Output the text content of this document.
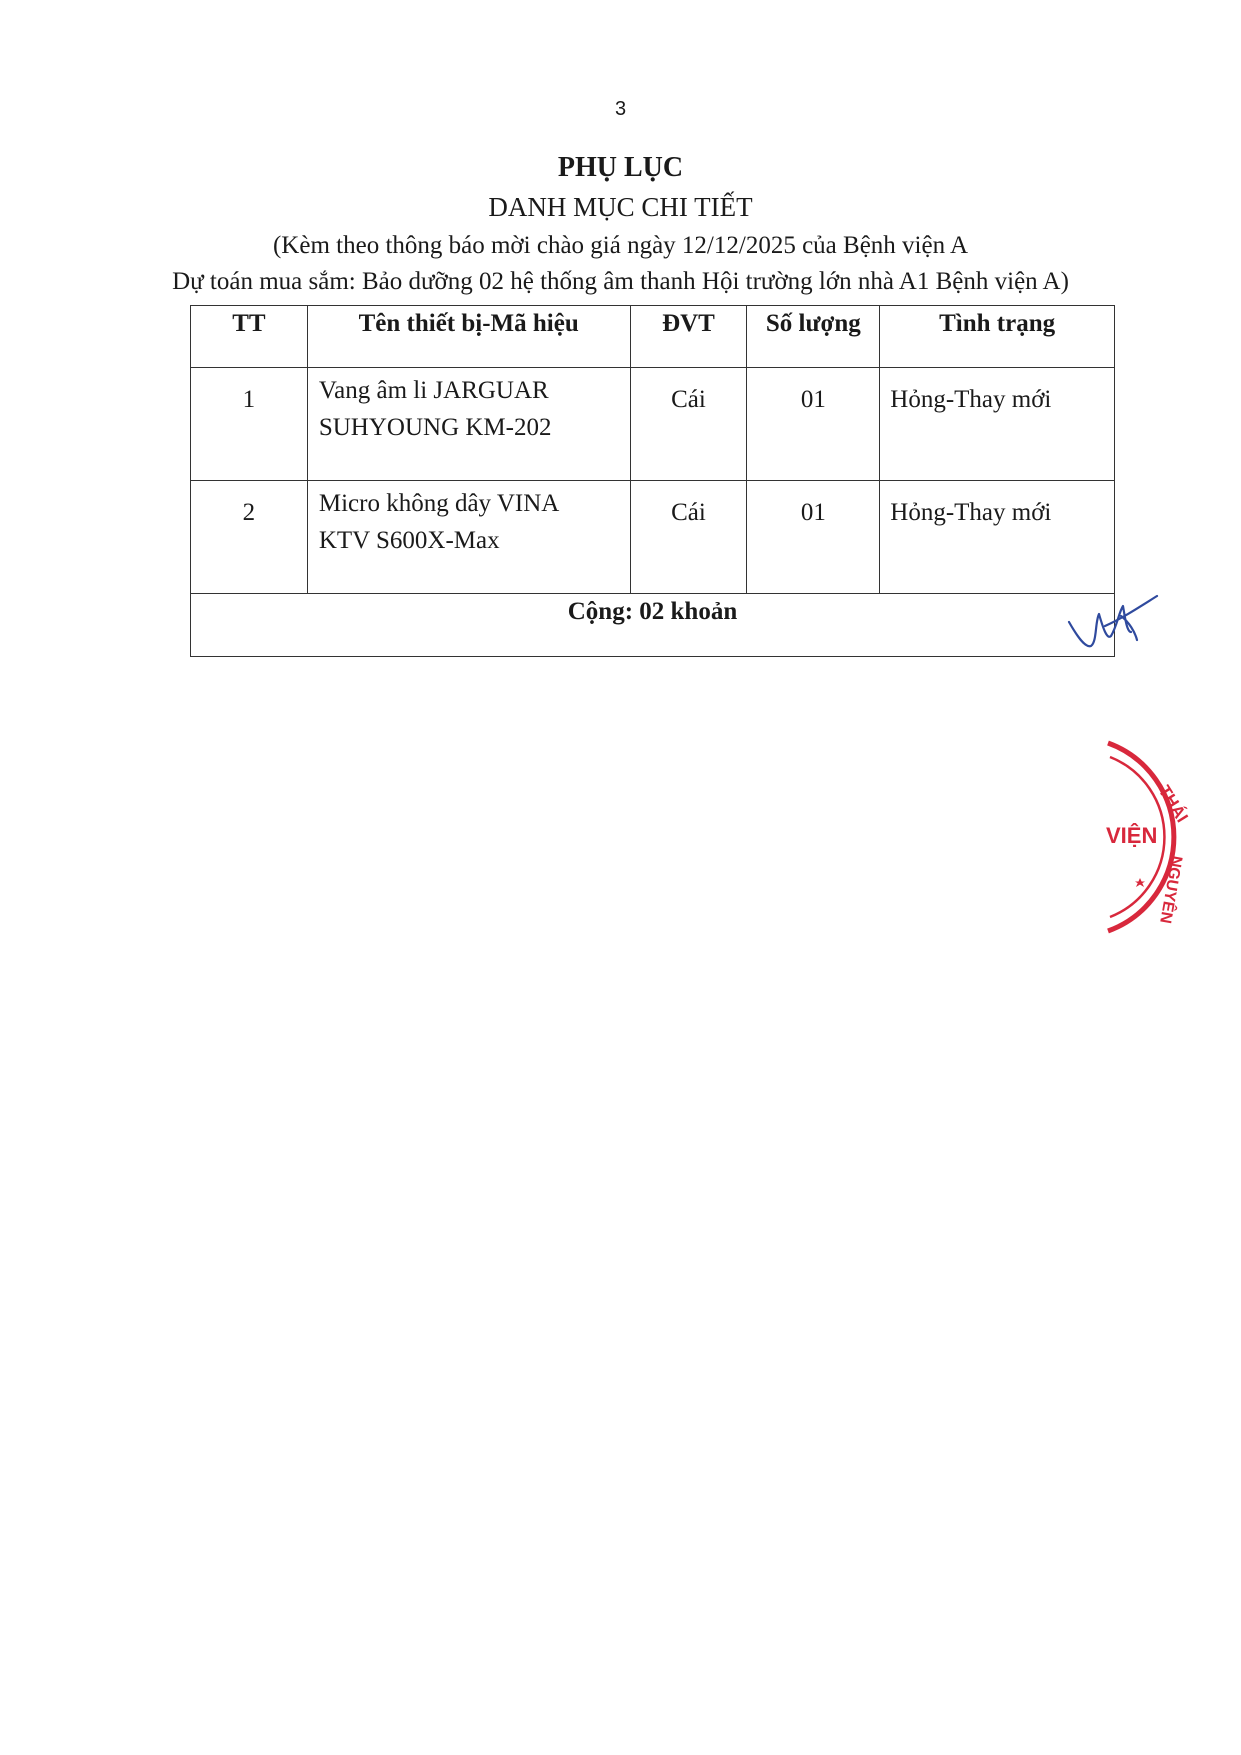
3
PHỤ LỤC
DANH MỤC CHI TIẾT
(Kèm theo thông báo mời chào giá ngày 12/12/2025 của Bệnh viện A
Dự toán mua sắm: Bảo dưỡng 02 hệ thống âm thanh Hội trường lớn nhà A1 Bệnh viện A)
TT	Tên thiết bị-Mã hiệu	ĐVT	Số lượng	Tình trạng
1	Vang âm li JARGUAR
SUHYOUNG KM-202	Cái	01	Hỏng-Thay mới
2	Micro không dây VINA
KTV S600X-Max	Cái	01	Hỏng-Thay mới
Cộng: 02 khoản				
THÁI
VIỆN
NGUYÊN
